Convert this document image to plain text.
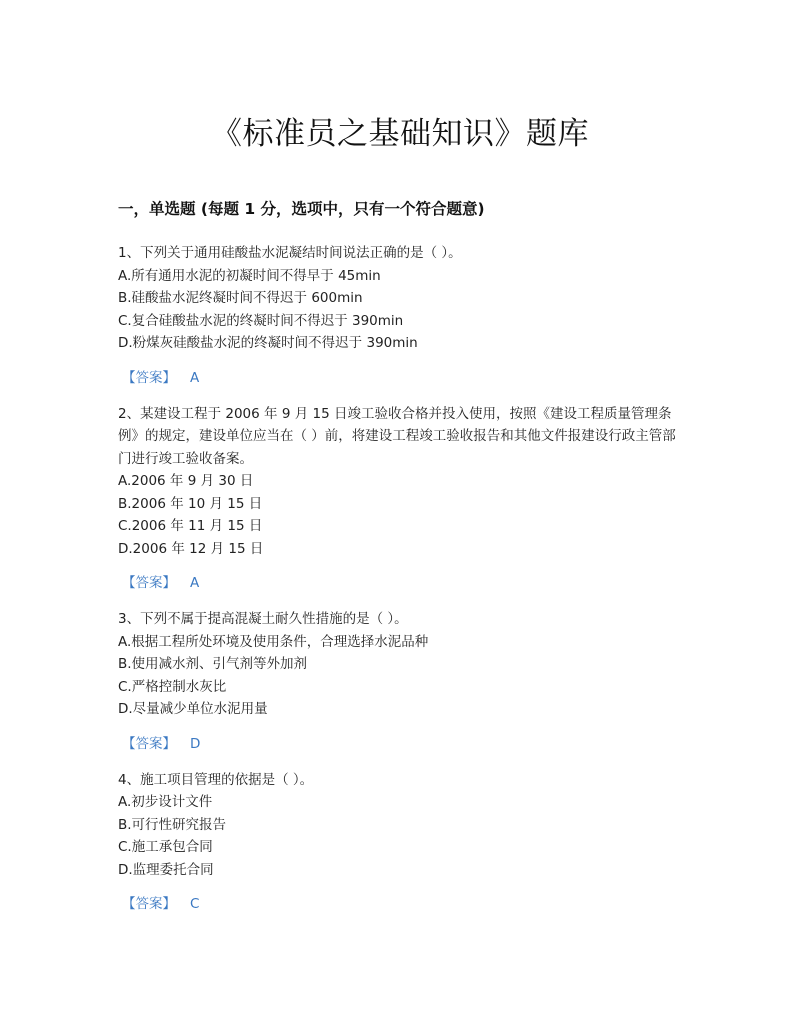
《标准员之基础知识》题库
一，单选题 (每题 1 分，选项中，只有一个符合题意)
1、下列关于通用硅酸盐水泥凝结时间说法正确的是（ ）。
A.所有通用水泥的初凝时间不得早于 45min
B.硅酸盐水泥终凝时间不得迟于 600min
C.复合硅酸盐水泥的终凝时间不得迟于 390min
D.粉煤灰硅酸盐水泥的终凝时间不得迟于 390min
【答案】 A
2、某建设工程于 2006 年 9 月 15 日竣工验收合格并投入使用，按照《建设工程质量管理条例》的规定，建设单位应当在（ ）前，将建设工程竣工验收报告和其他文件报建设行政主管部门进行竣工验收备案。
A.2006 年 9 月 30 日
B.2006 年 10 月 15 日
C.2006 年 11 月 15 日
D.2006 年 12 月 15 日
【答案】 A
3、下列不属于提高混凝土耐久性措施的是（ ）。
A.根据工程所处环境及使用条件，合理选择水泥品种
B.使用减水剂、引气剂等外加剂
C.严格控制水灰比
D.尽量减少单位水泥用量
【答案】 D
4、施工项目管理的依据是（ ）。
A.初步设计文件
B.可行性研究报告
C.施工承包合同
D.监理委托合同
【答案】 C
